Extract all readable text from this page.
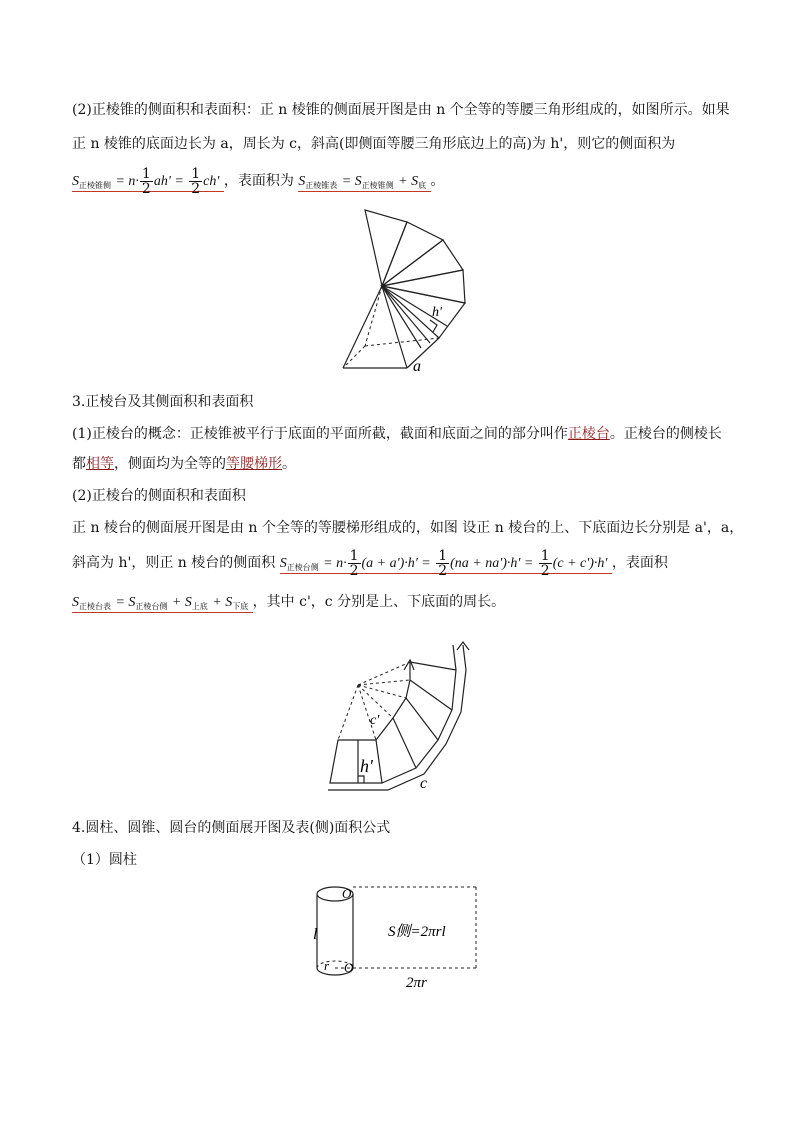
(2)正棱锥的侧面积和表面积：正 n 棱锥的侧面展开图是由 n 个全等的等腰三角形组成的，如图所示。如果
正 n 棱锥的底面边长为 a，周长为 c，斜高(即侧面等腰三角形底边上的高)为 h'，则它的侧面积为
$S_{正棱锥侧} = n\cdot \frac{1}{2} ah' = \frac{1}{2} ch'$ ，表面积为 $S_{正棱锥表} = S_{正棱锥侧} + S_底$ 。
a
h'
3.正棱台及其侧面积和表面积
(1)正棱台的概念：正棱锥被平行于底面的平面所截，截面和底面之间的部分叫作正棱台。正棱台的侧棱长
都相等，侧面均为全等的等腰梯形。
(2)正棱台的侧面积和表面积
正 n 棱台的侧面展开图是由 n 个全等的等腰梯形组成的，如图 设正 n 棱台的上、下底面边长分别是 a'，a，
斜高为 h'，则正 n 棱台的侧面积 $S_{正棱台侧} = n\cdot \frac{1}{2} (a + a')\cdot h' = \frac{1}{2} (na + na')\cdot h' = \frac{1}{2} (c + c')\cdot h'$ ，表面积
$S_{正棱台表} = S_{正棱台侧} + S_{上底} + S_{下底}$ ，其中 c'，c 分别是上、下底面的周长。
c'
h'
c
4.圆柱、圆锥、圆台的侧面展开图及表(侧)面积公式
（1）圆柱
l
r
O
O
S侧=2πrl
2πr
